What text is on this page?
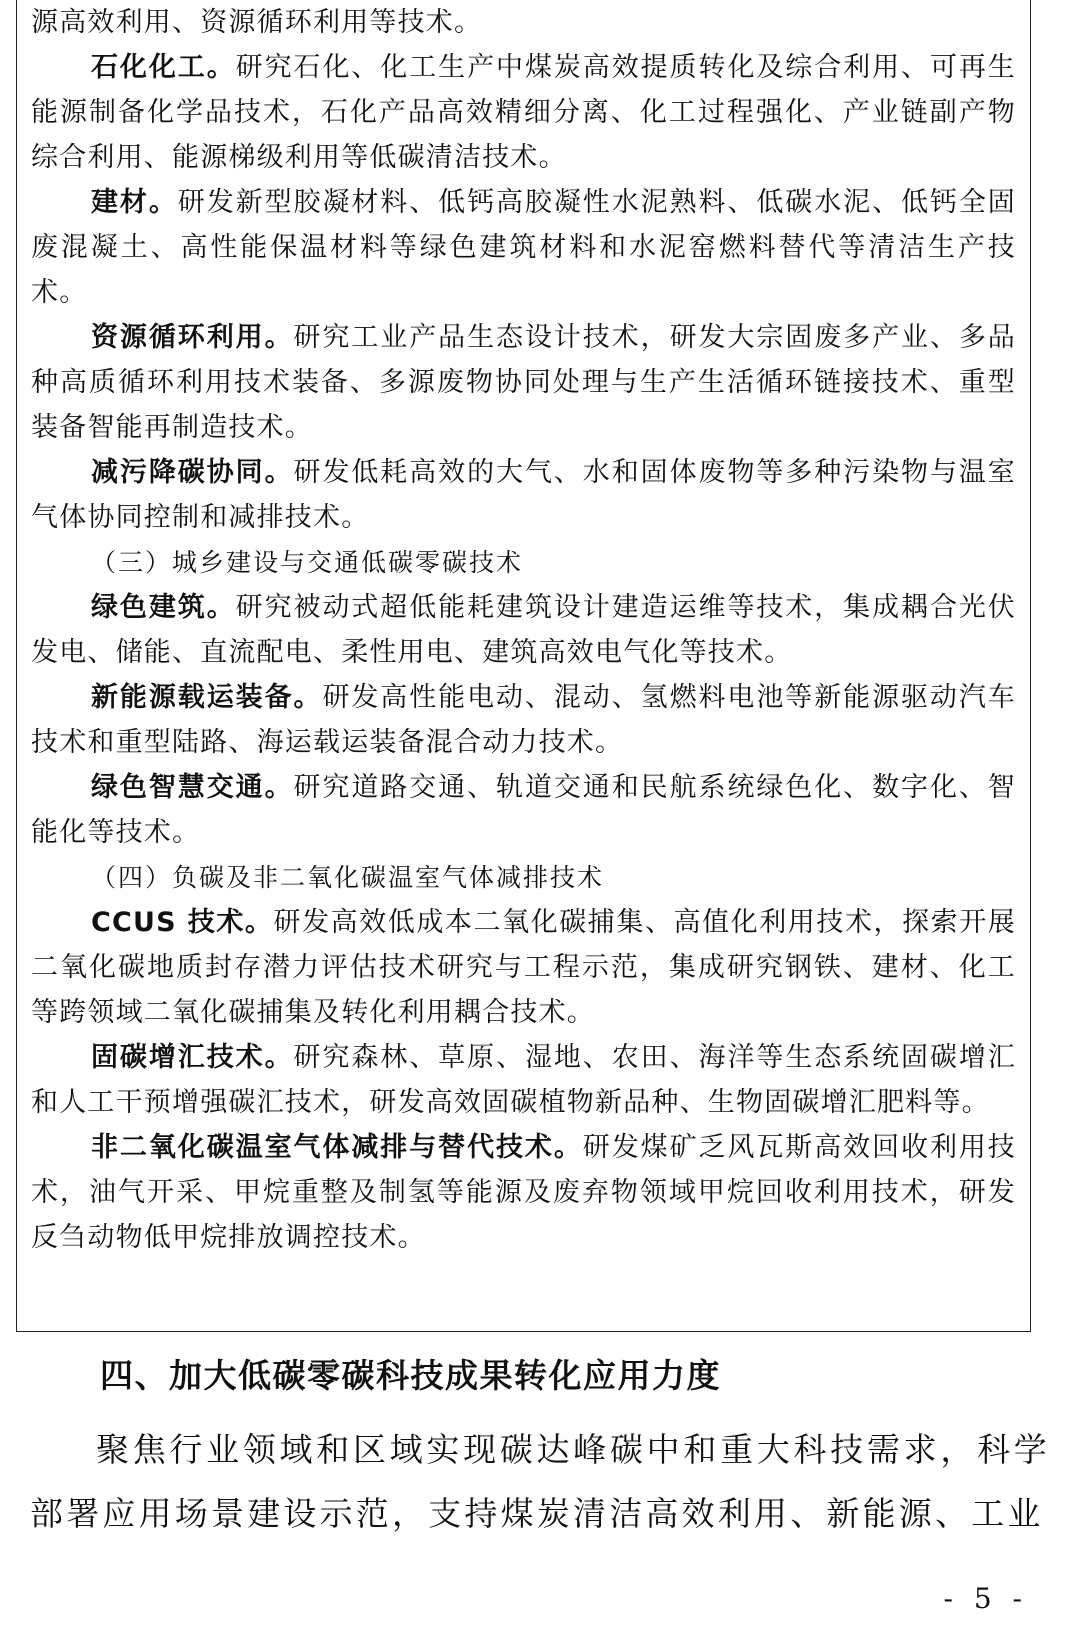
源高效利用、资源循环利用等技术。

石化化工。研究石化、化工生产中煤炭高效提质转化及综合利用、可再生能源制备化学品技术，石化产品高效精细分离、化工过程强化、产业链副产物综合利用、能源梯级利用等低碳清洁技术。

建材。研发新型胶凝材料、低钙高胶凝性水泥熟料、低碳水泥、低钙全固废混凝土、高性能保温材料等绿色建筑材料和水泥窑燃料替代等清洁生产技术。

资源循环利用。研究工业产品生态设计技术，研发大宗固废多产业、多品种高质循环利用技术装备、多源废物协同处理与生产生活循环链接技术、重型装备智能再制造技术。

减污降碳协同。研发低耗高效的大气、水和固体废物等多种污染物与温室气体协同控制和减排技术。

（三）城乡建设与交通低碳零碳技术

绿色建筑。研究被动式超低能耗建筑设计建造运维等技术，集成耦合光伏发电、储能、直流配电、柔性用电、建筑高效电气化等技术。

新能源载运装备。研发高性能电动、混动、氢燃料电池等新能源驱动汽车技术和重型陆路、海运载运装备混合动力技术。

绿色智慧交通。研究道路交通、轨道交通和民航系统绿色化、数字化、智能化等技术。

（四）负碳及非二氧化碳温室气体减排技术

CCUS 技术。研发高效低成本二氧化碳捕集、高值化利用技术，探索开展二氧化碳地质封存潜力评估技术研究与工程示范，集成研究钢铁、建材、化工等跨领域二氧化碳捕集及转化利用耦合技术。

固碳增汇技术。研究森林、草原、湿地、农田、海洋等生态系统固碳增汇和人工干预增强碳汇技术，研发高效固碳植物新品种、生物固碳增汇肥料等。

非二氧化碳温室气体减排与替代技术。研发煤矿乏风瓦斯高效回收利用技术，油气开采、甲烷重整及制氢等能源及废弃物领域甲烷回收利用技术，研发反刍动物低甲烷排放调控技术。

四、加大低碳零碳科技成果转化应用力度

聚焦行业领域和区域实现碳达峰碳中和重大科技需求，科学部署应用场景建设示范，支持煤炭清洁高效利用、新能源、工业

- 5 -
